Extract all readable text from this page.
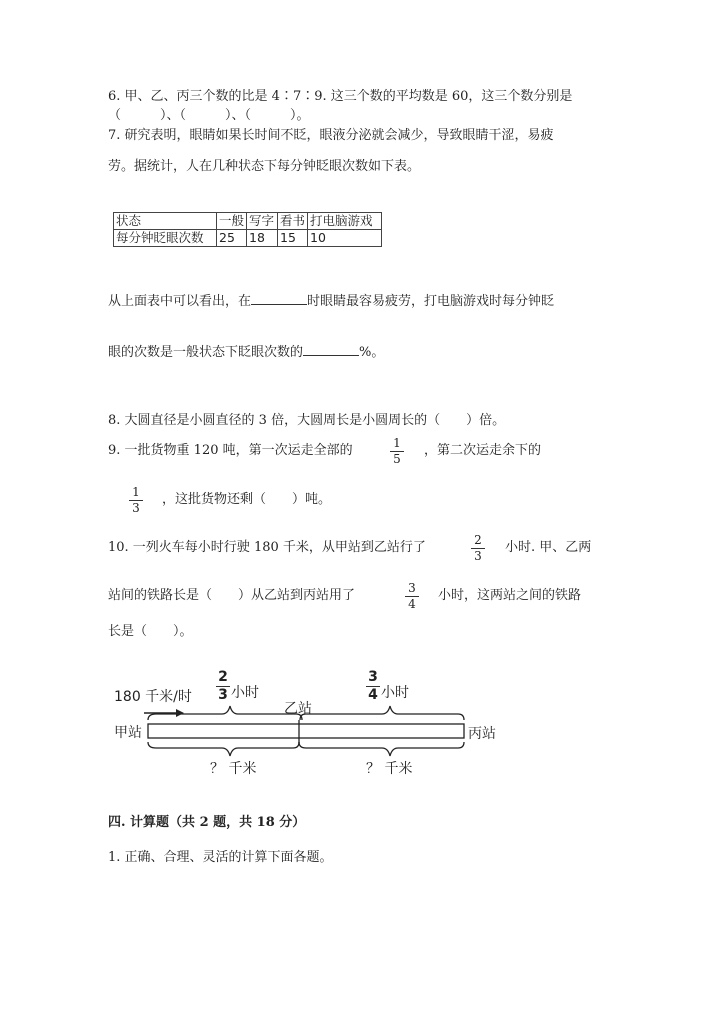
6. 甲、乙、丙三个数的比是 4∶7∶9. 这三个数的平均数是 60，这三个数分别是
（　　　）、（　　　）、（　　　）。
7. 研究表明，眼睛如果长时间不眨，眼液分泌就会减少，导致眼睛干涩，易疲
劳。据统计，人在几种状态下每分钟眨眼次数如下表。
状态	一般	写字	看书	打电脑游戏
每分钟眨眼次数	25	18	15	10
从上面表中可以看出，在	时眼睛最容易疲劳，打电脑游戏时每分钟眨
眼的次数是一般状态下眨眼次数的	%。
8. 大圆直径是小圆直径的 3 倍，大圆周长是小圆周长的（　　）倍。
9. 一批货物重 120 吨，第一次运走全部的	1
5
，第二次运走余下的
1
3
，这批货物还剩（　　）吨。
10. 一列火车每小时行驶 180 千米，从甲站到乙站行了	2
3
小时. 甲、乙两
站间的铁路长是（　　）从乙站到丙站用了	3
4
小时，这两站之间的铁路
长是（　　）。
180 千米/时
2
3 小时
3
4 小时
甲站
乙站
丙站
？ 千米	？ 千米
四. 计算题（共 2 题，共 18 分）
1. 正确、合理、灵活的计算下面各题。
